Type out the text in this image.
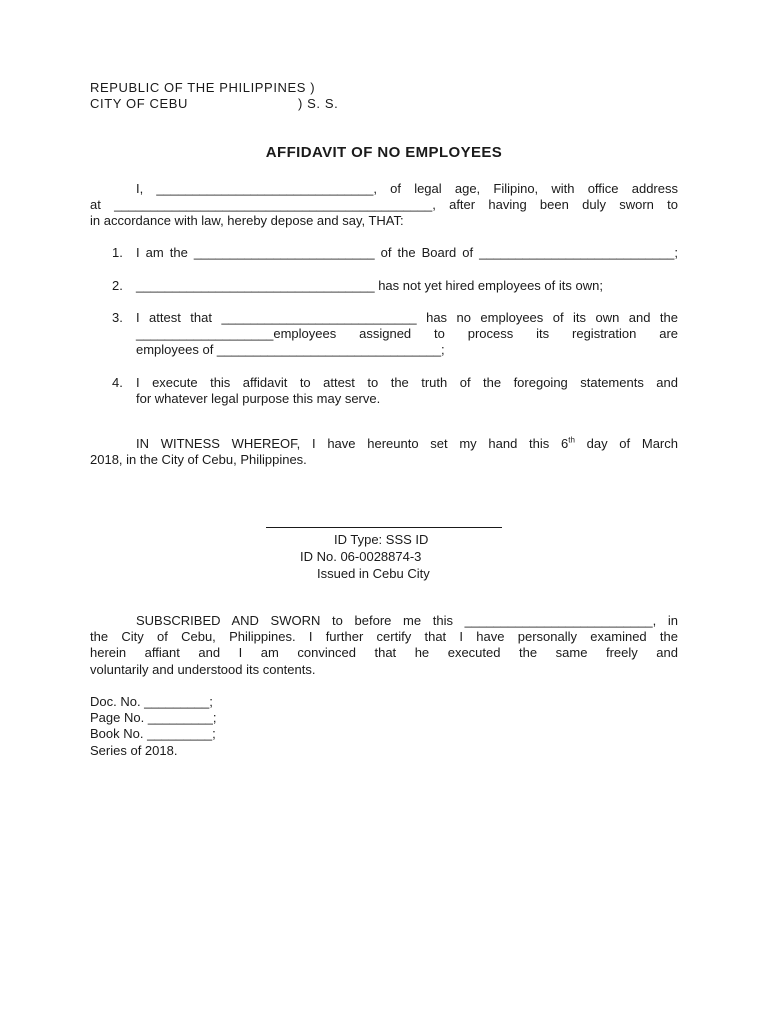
REPUBLIC OF THE PHILIPPINES )
CITY OF CEBU	) S. S.
AFFIDAVIT OF NO EMPLOYEES
I, ______________________________, of legal age, Filipino, with office address
at ____________________________________________, after having been duly sworn to
in accordance with law, hereby depose and say, THAT:
1. I am the _________________________ of the Board of ___________________________;
2. _________________________________ has not yet hired employees of its own;
3. I attest that ___________________________ has no employees of its own and the
___________________employees assigned to process its registration are
employees of _______________________________;
4. I execute this affidavit to attest to the truth of the foregoing statements and
for whatever legal purpose this may serve.
IN WITNESS WHEREOF, I have hereunto set my hand this 6th day of March
2018, in the City of Cebu, Philippines.
ID Type: SSS ID
ID No. 06-0028874-3
Issued in Cebu City
SUBSCRIBED AND SWORN to before me this __________________________, in
the City of Cebu, Philippines. I further certify that I have personally examined the
herein affiant and I am convinced that he executed the same freely and
voluntarily and understood its contents.
Doc. No. _________;
Page No. _________;
Book No. _________;
Series of 2018.
